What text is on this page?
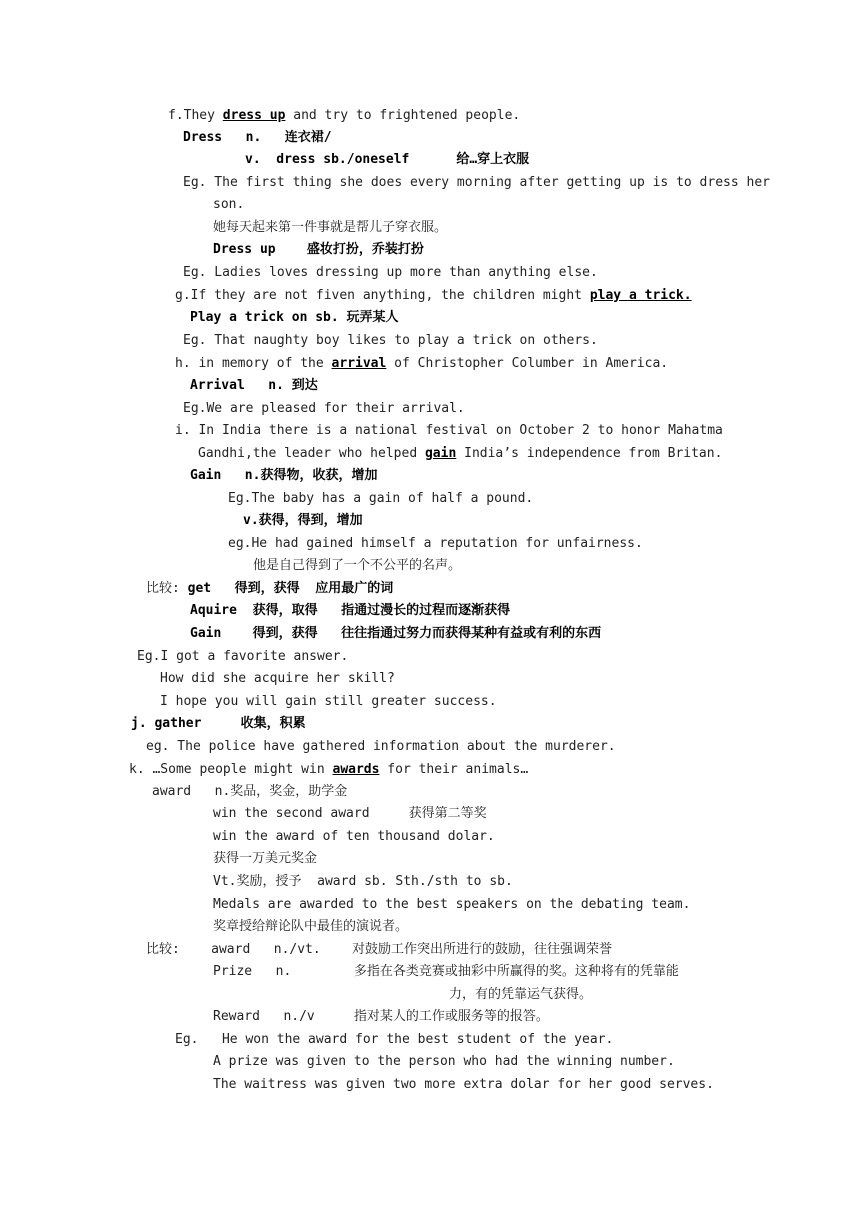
f.They dress up and try to frightened people.
Dress   n.   连衣裙/
v.  dress sb./oneself      给…穿上衣服
Eg. The first thing she does every morning after getting up is to dress her
son.
她每天起来第一件事就是帮儿子穿衣服。
Dress up    盛妆打扮，乔装打扮
Eg. Ladies loves dressing up more than anything else.
g.If they are not fiven anything, the children might play a trick.
Play a trick on sb. 玩弄某人
Eg. That naughty boy likes to play a trick on others.
h. in memory of the arrival of Christopher Columber in America.
Arrival   n. 到达
Eg.We are pleased for their arrival.
i. In India there is a national festival on October 2 to honor Mahatma
Gandhi,the leader who helped gain India’s independence from Britan.
Gain   n.获得物，收获，增加
Eg.The baby has a gain of half a pound.
v.获得，得到，增加
eg.He had gained himself a reputation for unfairness.
他是自己得到了一个不公平的名声。
比较: get   得到，获得  应用最广的词
Aquire  获得，取得   指通过漫长的过程而逐渐获得
Gain    得到，获得   往往指通过努力而获得某种有益或有利的东西
Eg.I got a favorite answer.
How did she acquire her skill?
I hope you will gain still greater success.
j. gather     收集，积累
eg. The police have gathered information about the murderer.
k. …Some people might win awards for their animals…
award   n.奖品，奖金，助学金
win the second award     获得第二等奖
win the award of ten thousand dolar.
获得一万美元奖金
Vt.奖励，授予  award sb. Sth./sth to sb.
Medals are awarded to the best speakers on the debating team.
奖章授给辩论队中最佳的演说者。
比较:    award   n./vt.    对鼓励工作突出所进行的鼓励，往往强调荣誉
Prize   n.        多指在各类竞赛或抽彩中所赢得的奖。这种将有的凭靠能
力，有的凭靠运气获得。
Reward   n./v     指对某人的工作或服务等的报答。
Eg.   He won the award for the best student of the year.
A prize was given to the person who had the winning number.
The waitress was given two more extra dolar for her good serves.
